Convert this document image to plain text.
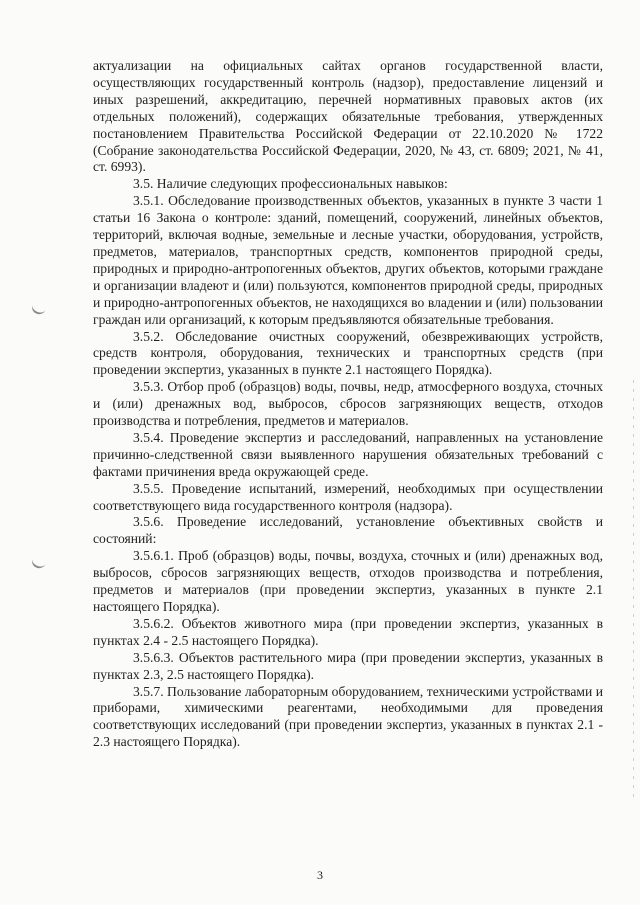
актуализации на официальных сайтах органов государственной власти, осуществляющих государственный контроль (надзор), предоставление лицензий и иных разрешений, аккредитацию, перечней нормативных правовых актов (их отдельных положений), содержащих обязательные требования, утвержденных постановлением Правительства Российской Федерации от 22.10.2020 № 1722 (Собрание законодательства Российской Федерации, 2020, № 43, ст. 6809; 2021, № 41, ст. 6993).

3.5. Наличие следующих профессиональных навыков:

3.5.1. Обследование производственных объектов, указанных в пункте 3 части 1 статьи 16 Закона о контроле: зданий, помещений, сооружений, линейных объектов, территорий, включая водные, земельные и лесные участки, оборудования, устройств, предметов, материалов, транспортных средств, компонентов природной среды, природных и природно-антропогенных объектов, других объектов, которыми граждане и организации владеют и (или) пользуются, компонентов природной среды, природных и природно-антропогенных объектов, не находящихся во владении и (или) пользовании граждан или организаций, к которым предъявляются обязательные требования.

3.5.2. Обследование очистных сооружений, обезвреживающих устройств, средств контроля, оборудования, технических и транспортных средств (при проведении экспертиз, указанных в пункте 2.1 настоящего Порядка).

3.5.3. Отбор проб (образцов) воды, почвы, недр, атмосферного воздуха, сточных и (или) дренажных вод, выбросов, сбросов загрязняющих веществ, отходов производства и потребления, предметов и материалов.

3.5.4. Проведение экспертиз и расследований, направленных на установление причинно-следственной связи выявленного нарушения обязательных требований с фактами причинения вреда окружающей среде.

3.5.5. Проведение испытаний, измерений, необходимых при осуществлении соответствующего вида государственного контроля (надзора).

3.5.6. Проведение исследований, установление объективных свойств и состояний:

3.5.6.1. Проб (образцов) воды, почвы, воздуха, сточных и (или) дренажных вод, выбросов, сбросов загрязняющих веществ, отходов производства и потребления, предметов и материалов (при проведении экспертиз, указанных в пункте 2.1 настоящего Порядка).

3.5.6.2. Объектов животного мира (при проведении экспертиз, указанных в пунктах 2.4 - 2.5 настоящего Порядка).

3.5.6.3. Объектов растительного мира (при проведении экспертиз, указанных в пунктах 2.3, 2.5 настоящего Порядка).

3.5.7. Пользование лабораторным оборудованием, техническими устройствами и приборами, химическими реагентами, необходимыми для проведения соответствующих исследований (при проведении экспертиз, указанных в пунктах 2.1 - 2.3 настоящего Порядка).

3
